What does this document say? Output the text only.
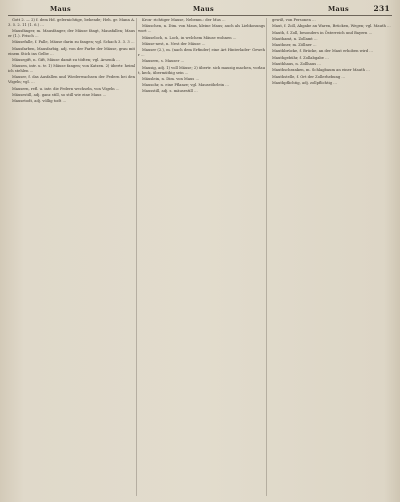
Maus	Maus	Maus	231

Gott 2. — 2) f. dem Hd. gelernichtige, behende; Heh. gr. Mann A. 3. 5. 2. 11 (1. 6.) …

Mausfänger, m. Mausfänger, der Mäuse fängt, Mausfallen; Mauser (1.). Frisch …

Mäusefalle, f. Falle, Mäuse darin zu fangen; vgl. Schach 3. 3. 3 …

Mausfarben, Mausfarbig, adj. von der Farbe der Mäuse, grau mit einem Stich ins Gelbe …

Mäusegift, n. Gift, Mäuse damit zu tödten; vgl. Arsenik …

Mausen, intr. u. tr. 1) Mäuse fangen; von Katzen. 2) übertr. heimlich stehlen …

Mauser, f. das Ausfallen und Wiederwachsen der Federn bei den Vögeln; vgl. …

Mausern, refl. u. intr. die Federn wechseln, von Vögeln …

Mäusestill, adj. ganz still, so still wie eine Maus …

Mausetodt, adj. völlig todt …

Kron- richtiger Mause, Nebenm.: der Mus …

Mäuschen, n. Dim. von Maus, kleine Maus; auch als Liebkosungswort …

Mäuseloch, n. Loch, in welchem Mäuse wohnen …

Mäuse-nest, n. Nest der Mäuse …

Mauser (2.), m. (nach dem Erfinder) eine Art Hinterlader- Gewehr …

Mausern, s. Mauser …

Mausig, adj. 1) voll Mäuse; 2) übertr. sich mausig machen, vorlaut, keck, übermüthig sein …

Mäuslein, n. Dim. von Maus …

Mausohr, n. eine Pflanze; vgl. Mauseöhrlein …

Mausstill, adj. s. mäusestill …

gewiß, von Personen …

Maut, f. Zoll, Abgabe an Waren, Brücken, Wegen; vgl. Mauth …

Mauth, f. Zoll, besonders in Österreich und Bayern …

Mauthamt, n. Zollamt …

Mauthner, m. Zöllner …

Mauthbrücke, f. Brücke, an der Maut erhoben wird …

Mauthgebühr, f. Zollabgabe …

Mauthhaus, n. Zollhaus …

Mauthschranken, m. Schlagbaum an einer Mauth …

Mauthstelle, f. Ort der Zollerhebung …

Mauthpflichtig, adj. zollpflichtig …
